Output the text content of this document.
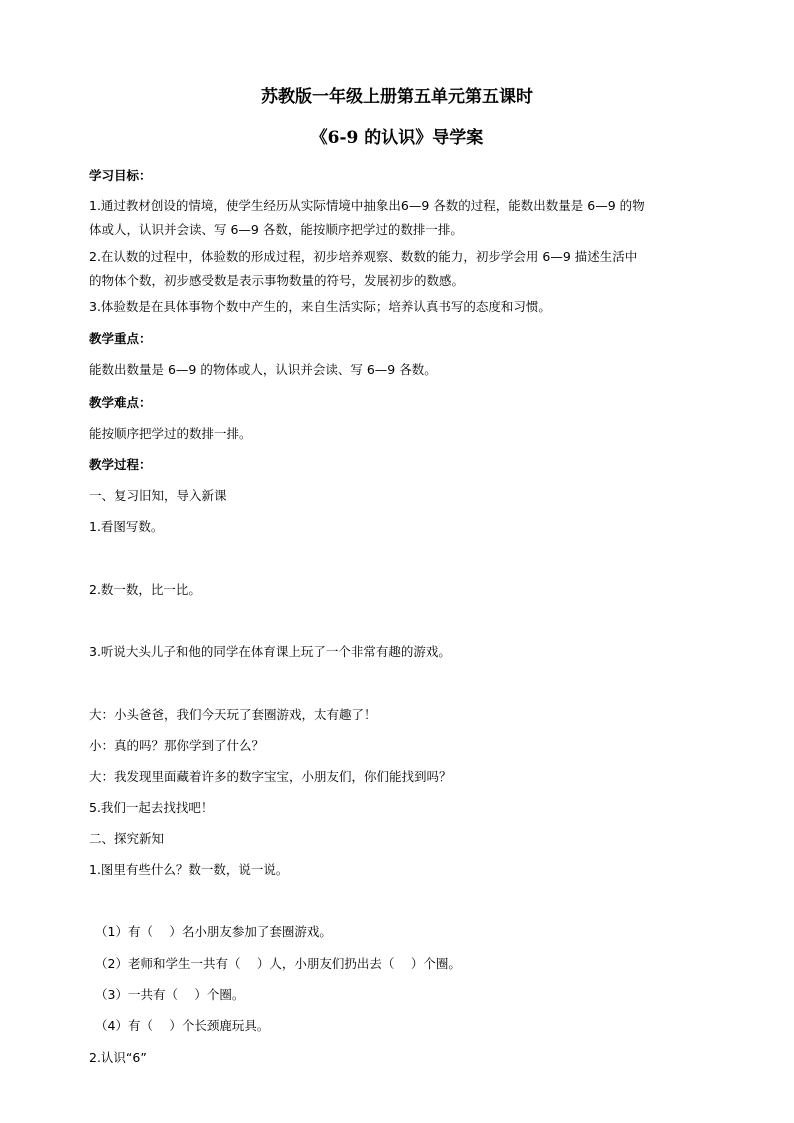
苏教版一年级上册第五单元第五课时
《6-9 的认识》导学案
学习目标：
1.通过教材创设的情境，使学生经历从实际情境中抽象出6—9 各数的过程，能数出数量是 6—9 的物
体或人，认识并会读、写 6—9 各数，能按顺序把学过的数排一排。
2.在认数的过程中，体验数的形成过程，初步培养观察、数数的能力，初步学会用 6—9 描述生活中
的物体个数，初步感受数是表示事物数量的符号，发展初步的数感。
3.体验数是在具体事物个数中产生的，来自生活实际；培养认真书写的态度和习惯。
教学重点：
能数出数量是 6—9 的物体或人，认识并会读、写 6—9 各数。
教学难点：
能按顺序把学过的数排一排。
教学过程：
一、复习旧知，导入新课
1.看图写数。
2.数一数，比一比。
3.听说大头儿子和他的同学在体育课上玩了一个非常有趣的游戏。
大：小头爸爸，我们今天玩了套圈游戏，太有趣了！
小：真的吗？那你学到了什么？
大：我发现里面藏着许多的数字宝宝，小朋友们，你们能找到吗？
5.我们一起去找找吧！
二、探究新知
1.图里有些什么？数一数，说一说。
（1）有（　 ）名小朋友参加了套圈游戏。
（2）老师和学生一共有（　 ）人，小朋友们扔出去（　 ）个圈。
（3）一共有（　 ）个圈。
（4）有（　 ）个长颈鹿玩具。
2.认识“6”
